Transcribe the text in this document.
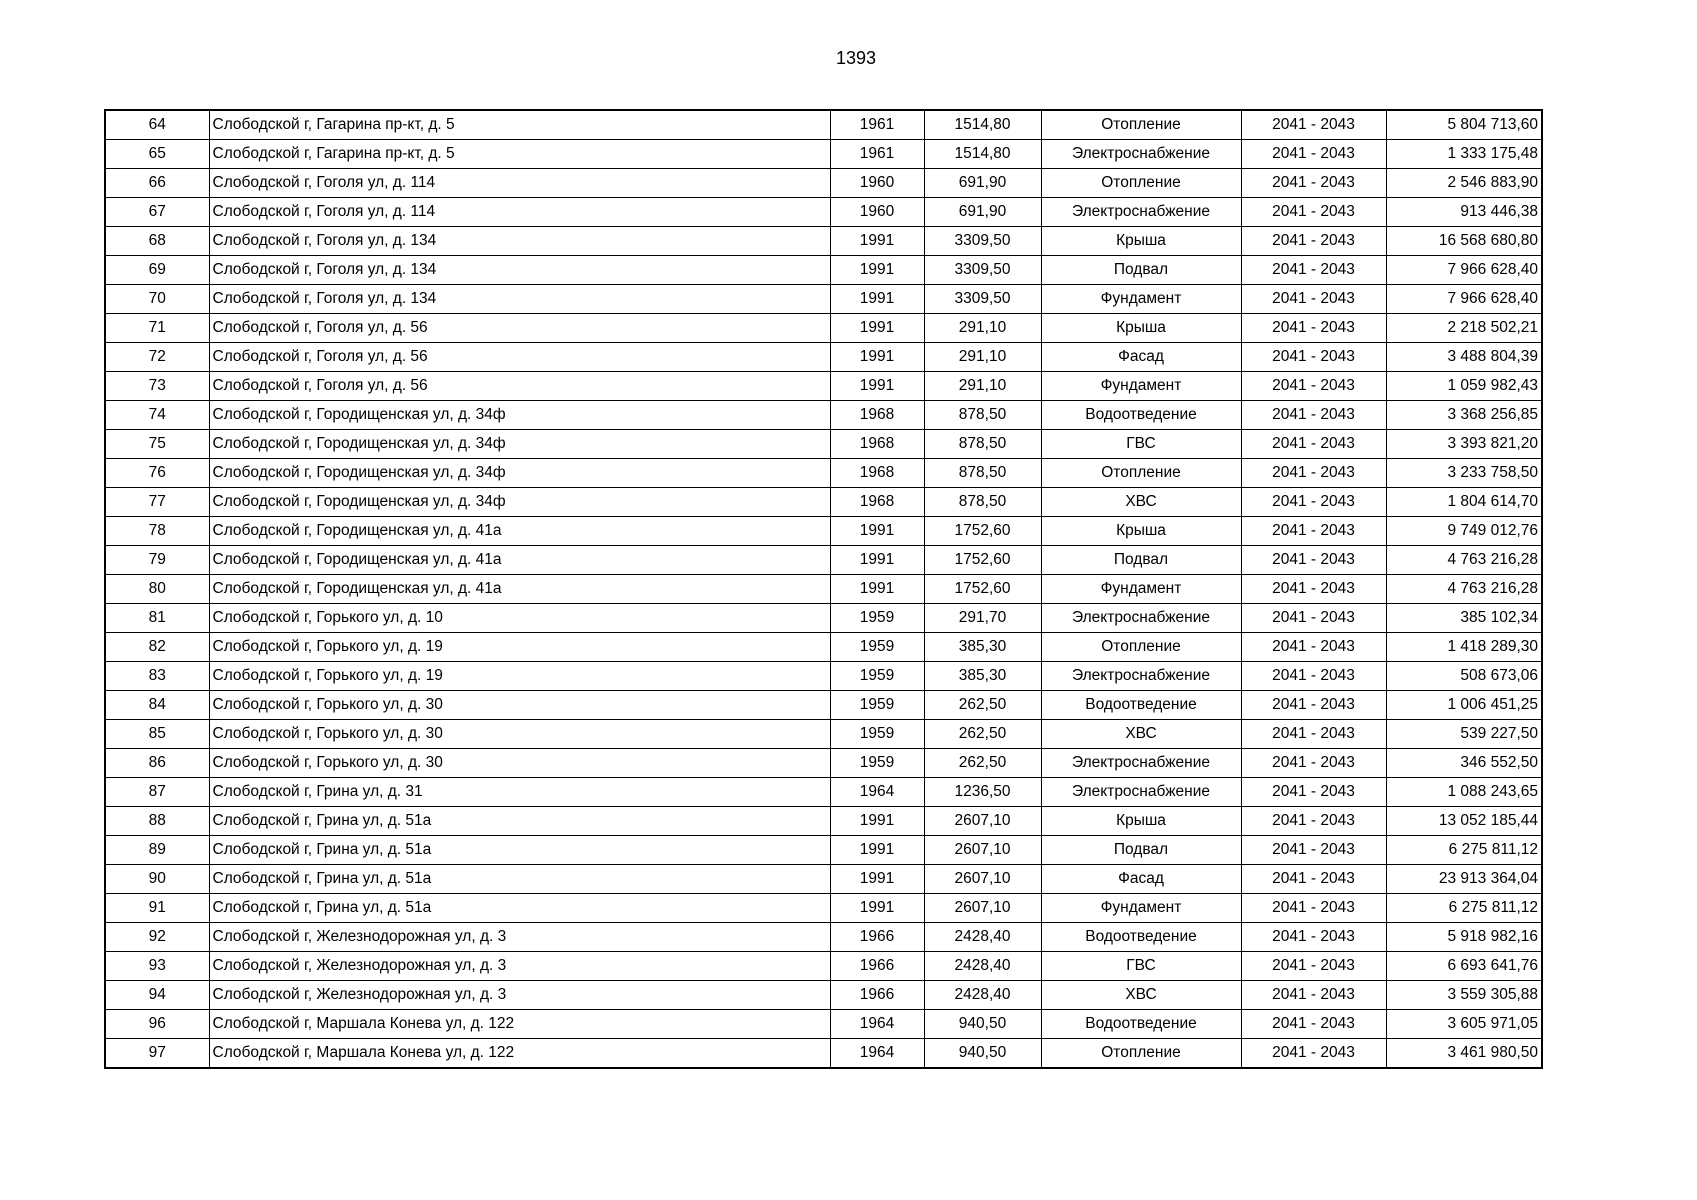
1393
64	Слободской г, Гагарина пр-кт, д. 5	1961	1514,80	Отопление	2041 - 2043	5 804 713,60
65	Слободской г, Гагарина пр-кт, д. 5	1961	1514,80	Электроснабжение	2041 - 2043	1 333 175,48
66	Слободской г, Гоголя ул, д. 114	1960	691,90	Отопление	2041 - 2043	2 546 883,90
67	Слободской г, Гоголя ул, д. 114	1960	691,90	Электроснабжение	2041 - 2043	913 446,38
68	Слободской г, Гоголя ул, д. 134	1991	3309,50	Крыша	2041 - 2043	16 568 680,80
69	Слободской г, Гоголя ул, д. 134	1991	3309,50	Подвал	2041 - 2043	7 966 628,40
70	Слободской г, Гоголя ул, д. 134	1991	3309,50	Фундамент	2041 - 2043	7 966 628,40
71	Слободской г, Гоголя ул, д. 56	1991	291,10	Крыша	2041 - 2043	2 218 502,21
72	Слободской г, Гоголя ул, д. 56	1991	291,10	Фасад	2041 - 2043	3 488 804,39
73	Слободской г, Гоголя ул, д. 56	1991	291,10	Фундамент	2041 - 2043	1 059 982,43
74	Слободской г, Городищенская ул, д. 34ф	1968	878,50	Водоотведение	2041 - 2043	3 368 256,85
75	Слободской г, Городищенская ул, д. 34ф	1968	878,50	ГВС	2041 - 2043	3 393 821,20
76	Слободской г, Городищенская ул, д. 34ф	1968	878,50	Отопление	2041 - 2043	3 233 758,50
77	Слободской г, Городищенская ул, д. 34ф	1968	878,50	ХВС	2041 - 2043	1 804 614,70
78	Слободской г, Городищенская ул, д. 41а	1991	1752,60	Крыша	2041 - 2043	9 749 012,76
79	Слободской г, Городищенская ул, д. 41а	1991	1752,60	Подвал	2041 - 2043	4 763 216,28
80	Слободской г, Городищенская ул, д. 41а	1991	1752,60	Фундамент	2041 - 2043	4 763 216,28
81	Слободской г, Горького ул, д. 10	1959	291,70	Электроснабжение	2041 - 2043	385 102,34
82	Слободской г, Горького ул, д. 19	1959	385,30	Отопление	2041 - 2043	1 418 289,30
83	Слободской г, Горького ул, д. 19	1959	385,30	Электроснабжение	2041 - 2043	508 673,06
84	Слободской г, Горького ул, д. 30	1959	262,50	Водоотведение	2041 - 2043	1 006 451,25
85	Слободской г, Горького ул, д. 30	1959	262,50	ХВС	2041 - 2043	539 227,50
86	Слободской г, Горького ул, д. 30	1959	262,50	Электроснабжение	2041 - 2043	346 552,50
87	Слободской г, Грина ул, д. 31	1964	1236,50	Электроснабжение	2041 - 2043	1 088 243,65
88	Слободской г, Грина ул, д. 51а	1991	2607,10	Крыша	2041 - 2043	13 052 185,44
89	Слободской г, Грина ул, д. 51а	1991	2607,10	Подвал	2041 - 2043	6 275 811,12
90	Слободской г, Грина ул, д. 51а	1991	2607,10	Фасад	2041 - 2043	23 913 364,04
91	Слободской г, Грина ул, д. 51а	1991	2607,10	Фундамент	2041 - 2043	6 275 811,12
92	Слободской г, Железнодорожная ул, д. 3	1966	2428,40	Водоотведение	2041 - 2043	5 918 982,16
93	Слободской г, Железнодорожная ул, д. 3	1966	2428,40	ГВС	2041 - 2043	6 693 641,76
94	Слободской г, Железнодорожная ул, д. 3	1966	2428,40	ХВС	2041 - 2043	3 559 305,88
96	Слободской г, Маршала Конева ул, д. 122	1964	940,50	Водоотведение	2041 - 2043	3 605 971,05
97	Слободской г, Маршала Конева ул, д. 122	1964	940,50	Отопление	2041 - 2043	3 461 980,50
